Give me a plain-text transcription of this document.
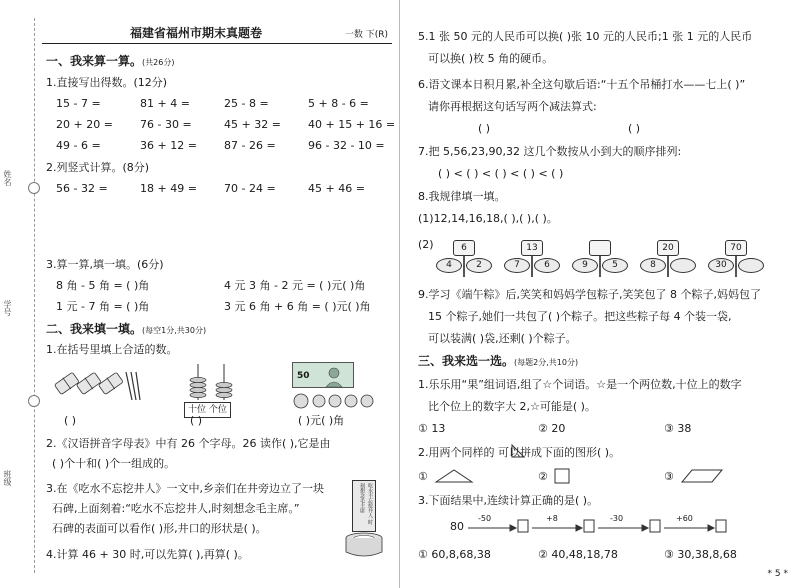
姓名
学号
班级
福建省福州市期末真题卷	一数 下(R)
一、我来算一算。(共26分)
1.直接写出得数。(12分)
15 - 7 =	81 + 4 =	25 - 8 =	5 + 8 - 6 =
20 + 20 = 76 - 30 =	45 + 32 = 40 + 15 + 16 =
49 - 6 =	36 + 12 = 87 - 26 =	96 - 32 - 10 =
2.列竖式计算。(8分)
56 - 32 =	18 + 49 = 70 - 24 =	45 + 46 =
3.算一算,填一填。(6分)
8 角 - 5 角 = ( )角	4 元 3 角 - 2 元 = ( )元( )角
1 元 - 7 角 = ( )角	3 元 6 角 + 6 角 = ( )元( )角
二、我来填一填。(每空1分,共30分)
1.在括号里填上合适的数。
( )
十位 个位
( )
50
( )元( )角
2.《汉语拼音字母表》中有 26 个字母。26 读作( ),它是由
( )个十和( )个一组成的。
3.在《吃水不忘挖井人》一文中,乡亲们在井旁边立了一块
石碑,上面刻着:“吃水不忘挖井人,时刻想念毛主席。”
石碑的表面可以看作( )形,井口的形状是( )。
吃水不忘挖井人 时刻想念毛主席
4.计算 46 + 30 时,可以先算( ),再算( )。
5.1 张 50 元的人民币可以换( )张 10 元的人民币;1 张 1 元的人民币
可以换( )枚 5 角的硬币。
6.语文课本日积月累,补全这句歇后语:“十五个吊桶打水——七上( )”
请你再根据这句话写两个减法算式:
( )	( )
7.把 5,56,23,90,32 这几个数按从小到大的顺序排列:
( ) < ( ) < ( ) < ( ) < ( )
8.我规律填一填。
(1)12,14,16,18,( ),( ),( )。
(2)	6
4	2
13
7	6	9	5
20
8
70
30
9.学习《端午粽》后,笑笑和妈妈学包粽子,笑笑包了 8 个粽子,妈妈包了
15 个粽子,她们一共包了( )个粽子。把这些粽子每 4 个装一袋,
可以装满( )袋,还剩( )个粽子。
三、我来选一选。(每题2分,共10分)
1.乐乐用“果”组词语,组了☆个词语。☆是一个两位数,十位上的数字
比个位上的数字大 2,☆可能是( )。
① 13	② 20	③ 38
2.用两个同样的 可以拼成下面的图形( )。
①	②	③
3.下面结果中,连续计算正确的是( )。
80
-50	+8	-30	+60
① 60,8,68,38	② 40,48,18,78	③ 30,38,8,68
* 5 *
